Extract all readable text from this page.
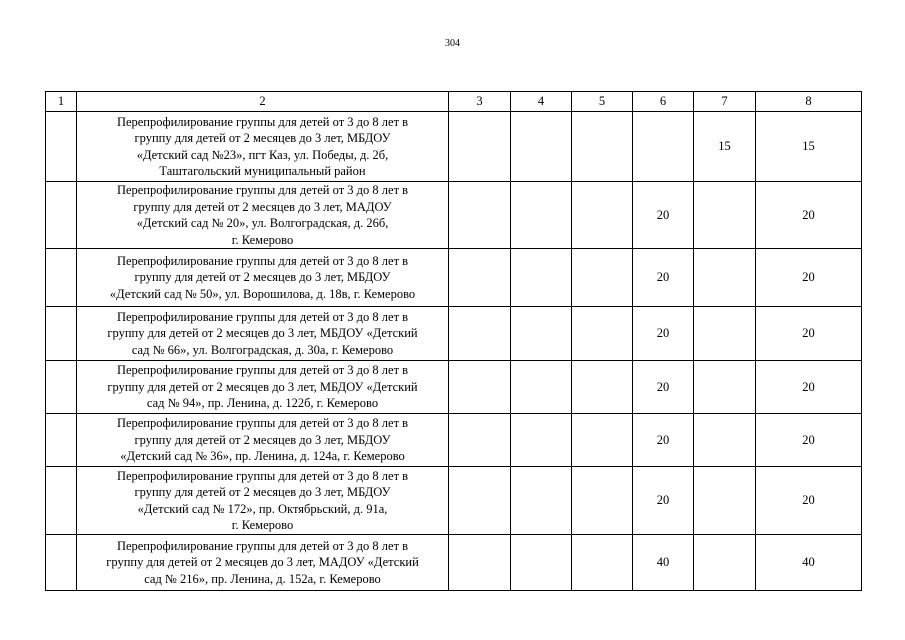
304
1	2	3	4	5	6	7	8
	Перепрофилирование группы для детей от 3 до 8 лет в
группу для детей от 2 месяцев до 3 лет, МБДОУ
«Детский сад №23», пгт Каз, ул. Победы, д. 2б,
Таштагольский муниципальный район					15	15
	Перепрофилирование группы для детей от 3 до 8 лет в
группу для детей от 2 месяцев до 3 лет, МАДОУ
«Детский сад № 20», ул. Волгоградская, д. 26б,
г. Кемерово				20		20
	Перепрофилирование группы для детей от 3 до 8 лет в
группу для детей от 2 месяцев до 3 лет, МБДОУ
«Детский сад № 50», ул. Ворошилова, д. 18в, г. Кемерово				20		20
	Перепрофилирование группы для детей от 3 до 8 лет в
группу для детей от 2 месяцев до 3 лет, МБДОУ «Детский
сад № 66», ул. Волгоградская, д. 30а, г. Кемерово				20		20
	Перепрофилирование группы для детей от 3 до 8 лет в
группу для детей от 2 месяцев до 3 лет, МБДОУ «Детский
сад № 94», пр. Ленина, д. 122б, г. Кемерово				20		20
	Перепрофилирование группы для детей от 3 до 8 лет в
группу для детей от 2 месяцев до 3 лет, МБДОУ
«Детский сад № 36», пр. Ленина, д. 124а, г. Кемерово				20		20
	Перепрофилирование группы для детей от 3 до 8 лет в
группу для детей от 2 месяцев до 3 лет, МБДОУ
«Детский сад № 172», пр. Октябрьский, д. 91а,
г. Кемерово				20		20
	Перепрофилирование группы для детей от 3 до 8 лет в
группу для детей от 2 месяцев до 3 лет, МАДОУ «Детский
сад № 216», пр. Ленина, д. 152а, г. Кемерово				40		40
